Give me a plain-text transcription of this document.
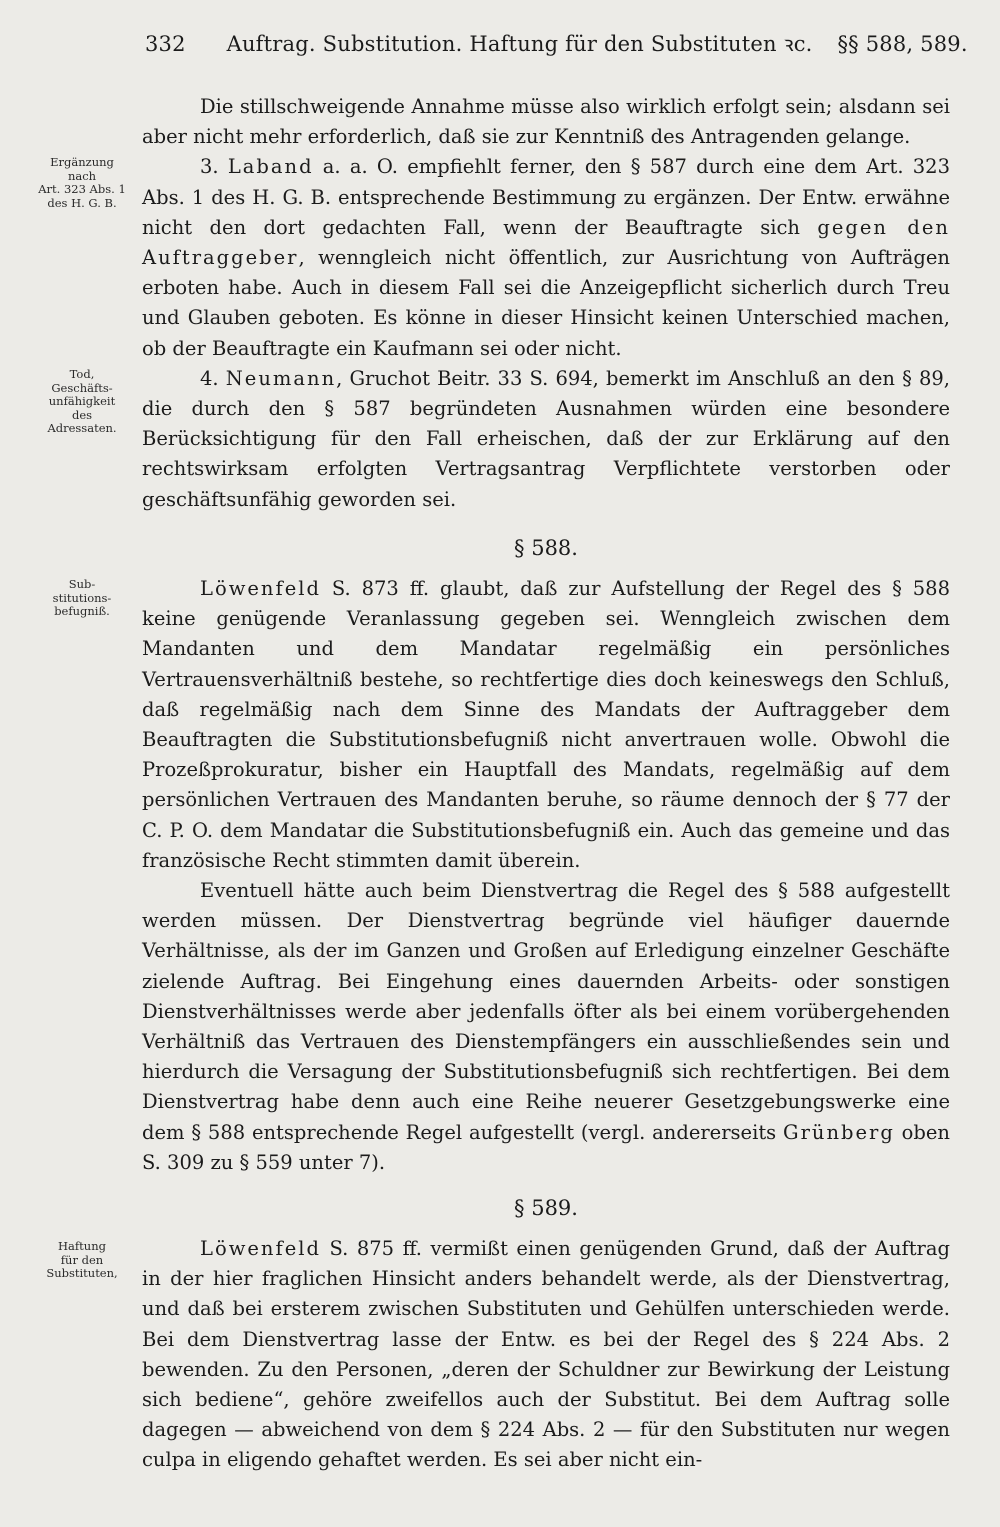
332 Auftrag. Substitution. Haftung für den Substituten ꝛc. §§ 588, 589.
Ergänzung
nach
Art. 323 Abs. 1
des H. G. B.
Tod,
Geschäfts-
unfähigkeit
des
Adressaten.
Sub-
stitutions-
befugniß.
Haftung
für den
Substituten,

Die stillschweigende Annahme müsse also wirklich erfolgt sein; alsdann sei aber nicht mehr erforderlich, daß sie zur Kenntniß des Antragenden gelange.

3. Laband a. a. O. empfiehlt ferner, den § 587 durch eine dem Art. 323 Abs. 1 des H. G. B. entsprechende Bestimmung zu ergänzen. Der Entw. erwähne nicht den dort gedachten Fall, wenn der Beauftragte sich gegen den Auftraggeber, wenngleich nicht öffentlich, zur Ausrichtung von Aufträgen erboten habe. Auch in diesem Fall sei die Anzeigepflicht sicherlich durch Treu und Glauben geboten. Es könne in dieser Hinsicht keinen Unterschied machen, ob der Beauftragte ein Kaufmann sei oder nicht.

4. Neumann, Gruchot Beitr. 33 S. 694, bemerkt im Anschluß an den § 89, die durch den § 587 begründeten Ausnahmen würden eine besondere Berücksichtigung für den Fall erheischen, daß der zur Erklärung auf den rechtswirksam erfolgten Vertragsantrag Verpflichtete verstorben oder geschäftsunfähig geworden sei.

§ 588.

Löwenfeld S. 873 ff. glaubt, daß zur Aufstellung der Regel des § 588 keine genügende Veranlassung gegeben sei. Wenngleich zwischen dem Mandanten und dem Mandatar regelmäßig ein persönliches Vertrauensverhältniß bestehe, so rechtfertige dies doch keineswegs den Schluß, daß regelmäßig nach dem Sinne des Mandats der Auftraggeber dem Beauftragten die Substitutionsbefugniß nicht anvertrauen wolle. Obwohl die Prozeßprokuratur, bisher ein Hauptfall des Mandats, regelmäßig auf dem persönlichen Vertrauen des Mandanten beruhe, so räume dennoch der § 77 der C. P. O. dem Mandatar die Substitutionsbefugniß ein. Auch das gemeine und das französische Recht stimmten damit überein.

Eventuell hätte auch beim Dienstvertrag die Regel des § 588 aufgestellt werden müssen. Der Dienstvertrag begründe viel häufiger dauernde Verhältnisse, als der im Ganzen und Großen auf Erledigung einzelner Geschäfte zielende Auftrag. Bei Eingehung eines dauernden Arbeits- oder sonstigen Dienstverhältnisses werde aber jedenfalls öfter als bei einem vorübergehenden Verhältniß das Vertrauen des Dienstempfängers ein ausschließendes sein und hierdurch die Versagung der Substitutionsbefugniß sich rechtfertigen. Bei dem Dienstvertrag habe denn auch eine Reihe neuerer Gesetzgebungswerke eine dem § 588 entsprechende Regel aufgestellt (vergl. andererseits Grünberg oben S. 309 zu § 559 unter 7).

§ 589.

Löwenfeld S. 875 ff. vermißt einen genügenden Grund, daß der Auftrag in der hier fraglichen Hinsicht anders behandelt werde, als der Dienstvertrag, und daß bei ersterem zwischen Substituten und Gehülfen unterschieden werde. Bei dem Dienstvertrag lasse der Entw. es bei der Regel des § 224 Abs. 2 bewenden. Zu den Personen, „deren der Schuldner zur Bewirkung der Leistung sich bediene“, gehöre zweifellos auch der Substitut. Bei dem Auftrag solle dagegen — abweichend von dem § 224 Abs. 2 — für den Substituten nur wegen culpa in eligendo gehaftet werden. Es sei aber nicht ein-
